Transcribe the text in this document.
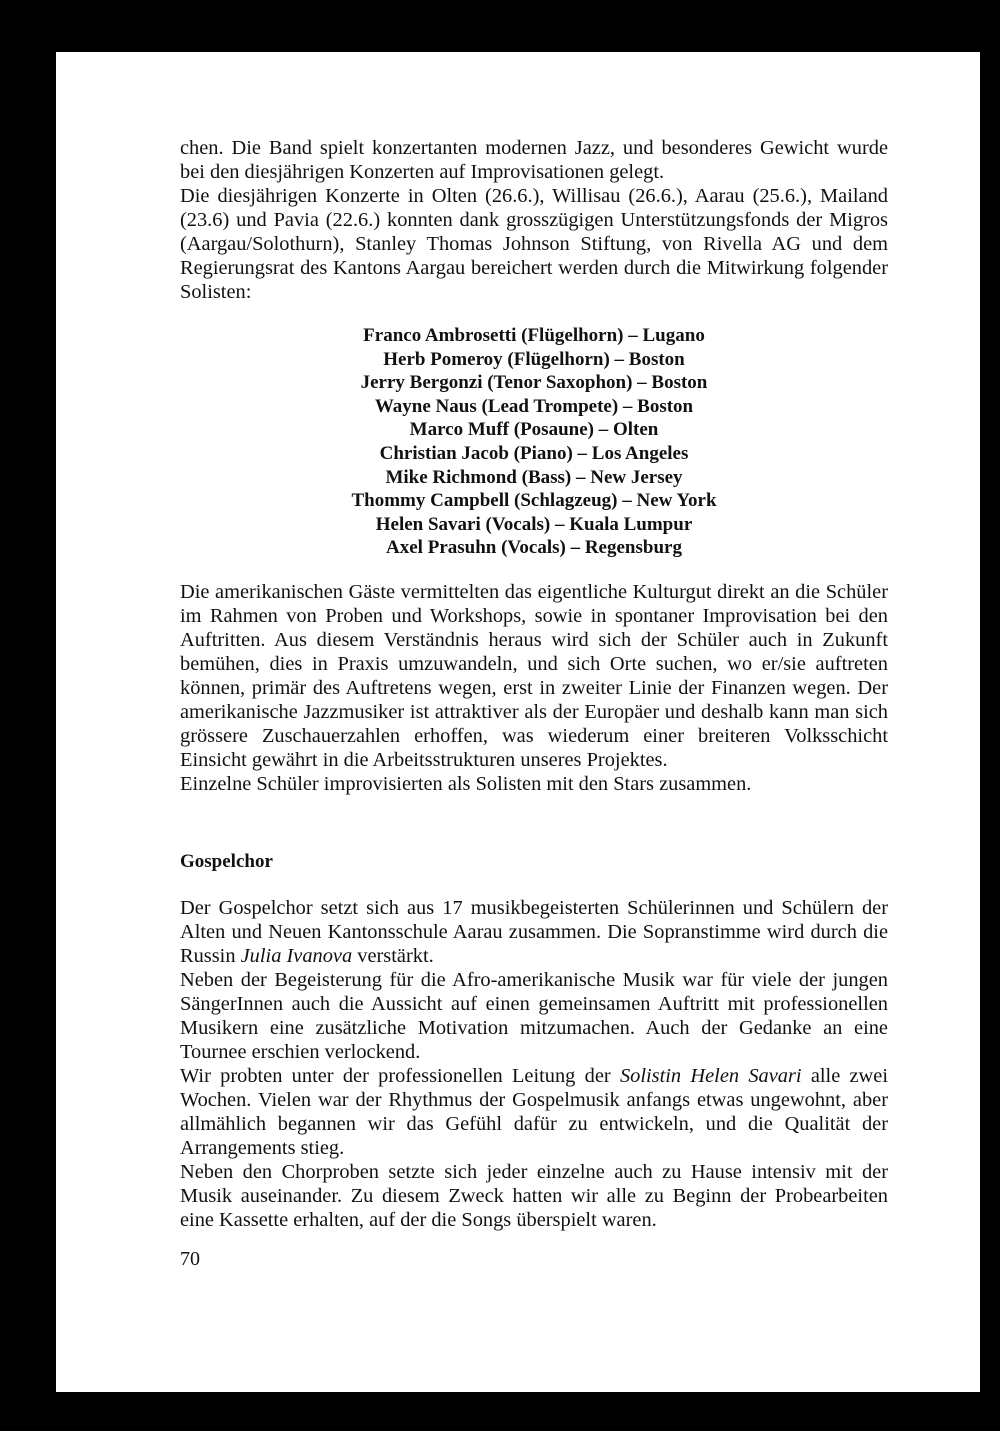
chen. Die Band spielt konzertanten modernen Jazz, und besonderes Gewicht wurde bei den diesjährigen Konzerten auf Improvisationen gelegt.

Die diesjährigen Konzerte in Olten (26.6.), Willisau (26.6.), Aarau (25.6.), Mailand (23.6) und Pavia (22.6.) konnten dank grosszügigen Unterstützungsfonds der Migros (Aargau/Solothurn), Stanley Thomas Johnson Stiftung, von Rivella AG und dem Regierungsrat des Kantons Aargau bereichert werden durch die Mitwirkung folgender Solisten:

Franco Ambrosetti (Flügelhorn) – Lugano
Herb Pomeroy (Flügelhorn) – Boston
Jerry Bergonzi (Tenor Saxophon) – Boston
Wayne Naus (Lead Trompete) – Boston
Marco Muff (Posaune) – Olten
Christian Jacob (Piano) – Los Angeles
Mike Richmond (Bass) – New Jersey
Thommy Campbell (Schlagzeug) – New York
Helen Savari (Vocals) – Kuala Lumpur
Axel Prasuhn (Vocals) – Regensburg

Die amerikanischen Gäste vermittelten das eigentliche Kulturgut direkt an die Schüler im Rahmen von Proben und Workshops, sowie in spontaner Improvisation bei den Auftritten. Aus diesem Verständnis heraus wird sich der Schüler auch in Zukunft bemühen, dies in Praxis umzuwandeln, und sich Orte suchen, wo er/sie auftreten können, primär des Auftretens wegen, erst in zweiter Linie der Finanzen wegen. Der amerikanische Jazzmusiker ist attraktiver als der Europäer und deshalb kann man sich grössere Zuschauerzahlen erhoffen, was wiederum einer breiteren Volksschicht Einsicht gewährt in die Arbeitsstrukturen unseres Projektes.

Einzelne Schüler improvisierten als Solisten mit den Stars zusammen.

Gospelchor

Der Gospelchor setzt sich aus 17 musikbegeisterten Schülerinnen und Schülern der Alten und Neuen Kantonsschule Aarau zusammen. Die Sopranstimme wird durch die Russin Julia Ivanova verstärkt.

Neben der Begeisterung für die Afro-amerikanische Musik war für viele der jungen SängerInnen auch die Aussicht auf einen gemeinsamen Auftritt mit professionellen Musikern eine zusätzliche Motivation mitzumachen. Auch der Gedanke an eine Tournee erschien verlockend.

Wir probten unter der professionellen Leitung der Solistin Helen Savari alle zwei Wochen. Vielen war der Rhythmus der Gospelmusik anfangs etwas ungewohnt, aber allmählich begannen wir das Gefühl dafür zu entwickeln, und die Qualität der Arrangements stieg.

Neben den Chorproben setzte sich jeder einzelne auch zu Hause intensiv mit der Musik auseinander. Zu diesem Zweck hatten wir alle zu Beginn der Probearbeiten eine Kassette erhalten, auf der die Songs überspielt waren.

70
